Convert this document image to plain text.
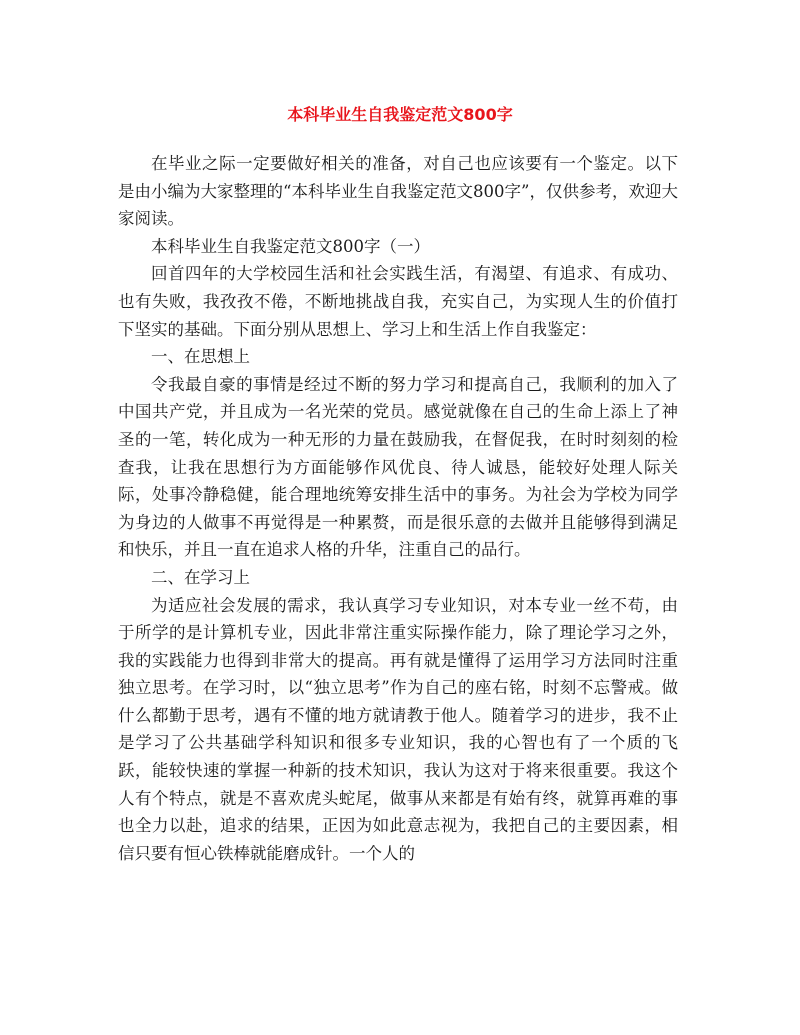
本科毕业生自我鉴定范文800字

在毕业之际一定要做好相关的准备，对自己也应该要有一个鉴定。以下是由小编为大家整理的“本科毕业生自我鉴定范文800字”，仅供参考，欢迎大家阅读。

本科毕业生自我鉴定范文800字（一）

回首四年的大学校园生活和社会实践生活，有渴望、有追求、有成功、也有失败，我孜孜不倦，不断地挑战自我，充实自己，为实现人生的价值打下坚实的基础。下面分别从思想上、学习上和生活上作自我鉴定：

一、在思想上

令我最自豪的事情是经过不断的努力学习和提高自己，我顺利的加入了中国共产党，并且成为一名光荣的党员。感觉就像在自己的生命上添上了神圣的一笔，转化成为一种无形的力量在鼓励我，在督促我，在时时刻刻的检查我，让我在思想行为方面能够作风优良、待人诚恳，能较好处理人际关际，处事冷静稳健，能合理地统筹安排生活中的事务。为社会为学校为同学为身边的人做事不再觉得是一种累赘，而是很乐意的去做并且能够得到满足和快乐，并且一直在追求人格的升华，注重自己的品行。

二、在学习上

为适应社会发展的需求，我认真学习专业知识，对本专业一丝不苟，由于所学的是计算机专业，因此非常注重实际操作能力，除了理论学习之外，我的实践能力也得到非常大的提高。再有就是懂得了运用学习方法同时注重独立思考。在学习时，以“独立思考”作为自己的座右铭，时刻不忘警戒。做什么都勤于思考，遇有不懂的地方就请教于他人。随着学习的进步，我不止是学习了公共基础学科知识和很多专业知识，我的心智也有了一个质的飞跃，能较快速的掌握一种新的技术知识，我认为这对于将来很重要。我这个人有个特点，就是不喜欢虎头蛇尾，做事从来都是有始有终，就算再难的事也全力以赴，追求的结果，正因为如此意志视为，我把自己的主要因素，相信只要有恒心铁棒就能磨成针。一个人的
